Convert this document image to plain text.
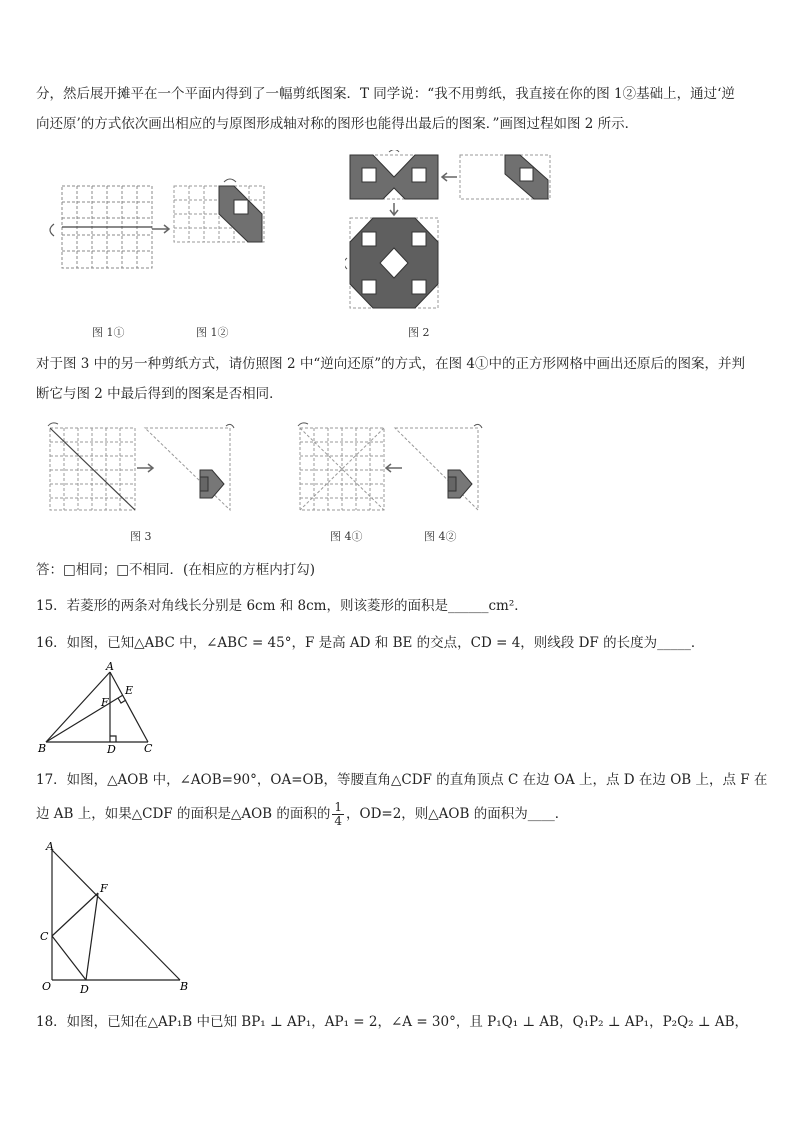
分，然后展开摊平在一个平面内得到了一幅剪纸图案．T 同学说：“我不用剪纸，我直接在你的图 1②基础上，通过‘逆
向还原’的方式依次画出相应的与原图形成轴对称的图形也能得出最后的图案．”画图过程如图 2 所示．
图 1①	图 1②	图 2
对于图 3 中的另一种剪纸方式，请仿照图 2 中“逆向还原”的方式，在图 4①中的正方形网格中画出还原后的图案，并判
断它与图 2 中最后得到的图案是否相同．
图 3	图 4①	图 4②
答：□相同；□不相同．(在相应的方框内打勾)
15．若菱形的两条对角线长分别是 6cm 和 8cm，则该菱形的面积是______cm²．
16．如图，已知△ABC 中，∠ABC = 45°，F 是高 AD 和 BE 的交点，CD = 4，则线段 DF 的长度为_____．
A
B	C
D
E
F
17．如图，△AOB 中，∠AOB=90°，OA=OB，等腰直角△CDF 的直角顶点 C 在边 OA 上，点 D 在边 OB 上，点 F 在
边 AB 上，如果△CDF 的面积是△AOB 的面积的 $\frac{1}{4}$ ，OD=2，则△AOB 的面积为____．
A
B
C
D
F
O
18．如图，已知在△AP₁B 中已知 BP₁ ⊥ AP₁，AP₁ = 2，∠A = 30°，且 P₁Q₁ ⊥ AB，Q₁P₂ ⊥ AP₁，P₂Q₂ ⊥ AB，
